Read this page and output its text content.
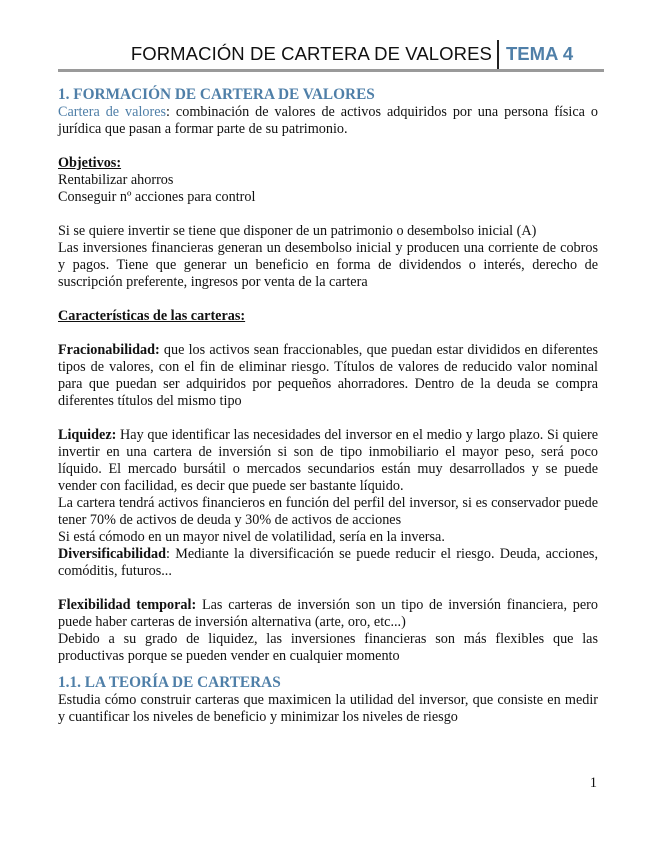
FORMACIÓN DE CARTERA DE VALORES TEMA 4

1. FORMACIÓN DE CARTERA DE VALORES

Cartera de valores: combinación de valores de activos adquiridos por una persona física o jurídica que pasan a formar parte de su patrimonio.

Objetivos:

Rentabilizar ahorros

Conseguir nº acciones para control

Si se quiere invertir se tiene que disponer de un patrimonio o desembolso inicial (A)

Las inversiones financieras generan un desembolso inicial y producen una corriente de cobros y pagos. Tiene que generar un beneficio en forma de dividendos o interés, derecho de suscripción preferente, ingresos por venta de la cartera

Características de las carteras:

Fracionabilidad: que los activos sean fraccionables, que puedan estar divididos en diferentes tipos de valores, con el fin de eliminar riesgo. Títulos de valores de reducido valor nominal para que puedan ser adquiridos por pequeños ahorradores. Dentro de la deuda se compra diferentes títulos del mismo tipo

Liquidez: Hay que identificar las necesidades del inversor en el medio y largo plazo. Si quiere invertir en una cartera de inversión si son de tipo inmobiliario el mayor peso, será poco líquido. El mercado bursátil o mercados secundarios están muy desarrollados y se puede vender con facilidad, es decir que puede ser bastante líquido.

La cartera tendrá activos financieros en función del perfil del inversor, si es conservador puede tener 70% de activos de deuda y 30% de activos de acciones

Si está cómodo en un mayor nivel de volatilidad, sería en la inversa.

Diversificabilidad: Mediante la diversificación se puede reducir el riesgo. Deuda, acciones, comóditis, futuros...

Flexibilidad temporal: Las carteras de inversión son un tipo de inversión financiera, pero puede haber carteras de inversión alternativa (arte, oro, etc...)

Debido a su grado de liquidez, las inversiones financieras son más flexibles que las productivas porque se pueden vender en cualquier momento

1.1. LA TEORÍA DE CARTERAS

Estudia cómo construir carteras que maximicen la utilidad del inversor, que consiste en medir y cuantificar los niveles de beneficio y minimizar los niveles de riesgo

1
